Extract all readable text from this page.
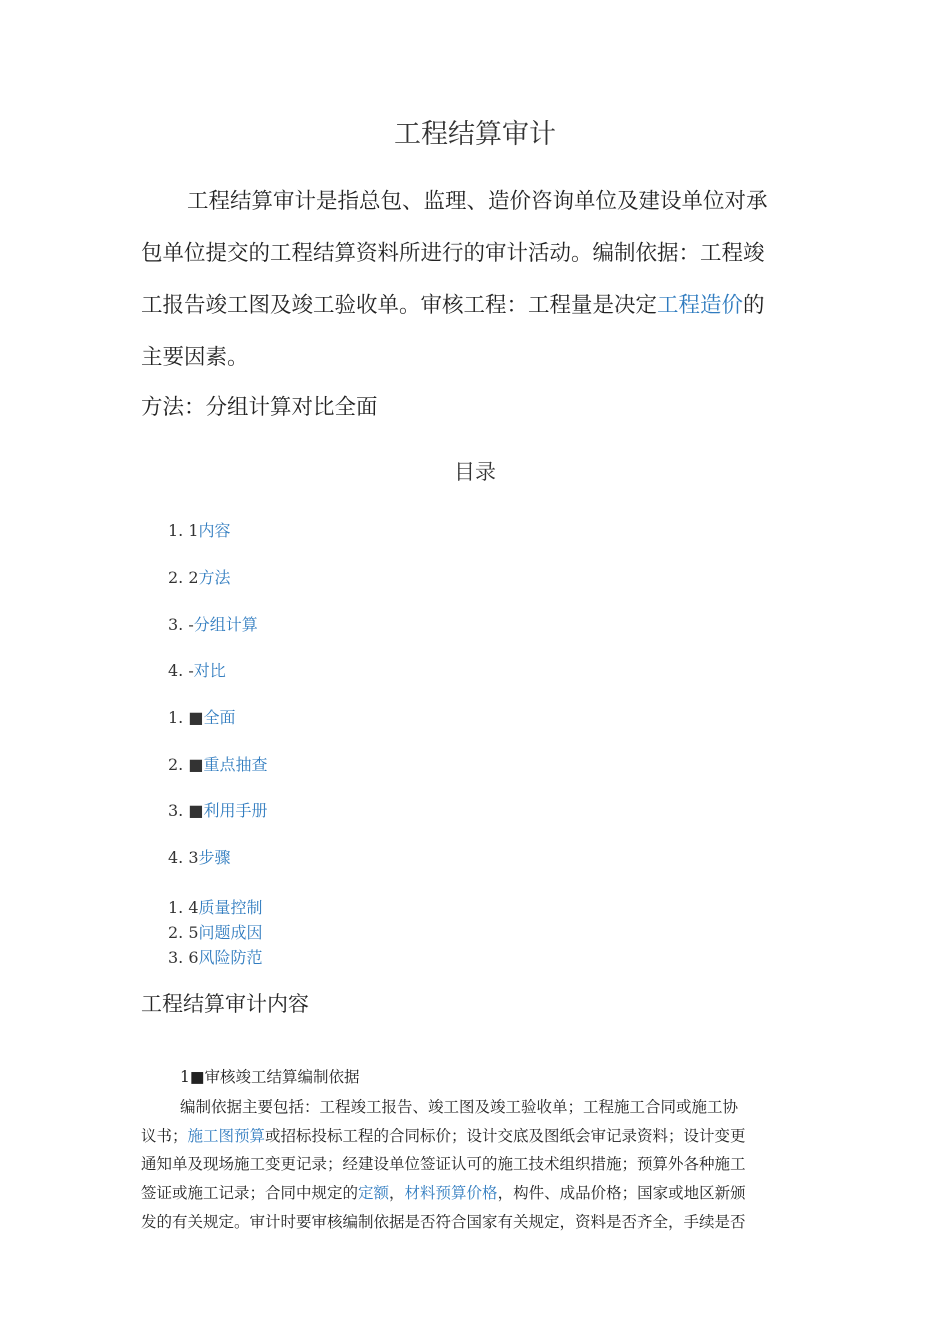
工程结算审计
工程结算审计是指总包、监理、造价咨询单位及建设单位对承
包单位提交的工程结算资料所进行的审计活动。编制依据：工程竣
工报告竣工图及竣工验收单。审核工程：工程量是决定工程造价的
主要因素。
方法：分组计算对比全面
目录
1. 1内容
2. 2方法
3. -分组计算
4. -对比
1. ■全面
2. ■重点抽查
3. ■利用手册
4. 3步骤
1. 4质量控制
2. 5问题成因
3. 6风险防范
工程结算审计内容
1■审核竣工结算编制依据
编制依据主要包括：工程竣工报告、竣工图及竣工验收单；工程施工合同或施工协
议书；施工图预算或招标投标工程的合同标价；设计交底及图纸会审记录资料；设计变更
通知单及现场施工变更记录；经建设单位签证认可的施工技术组织措施；预算外各种施工
签证或施工记录；合同中规定的定额，材料预算价格，构件、成品价格；国家或地区新颁
发的有关规定。审计时要审核编制依据是否符合国家有关规定，资料是否齐全，手续是否
